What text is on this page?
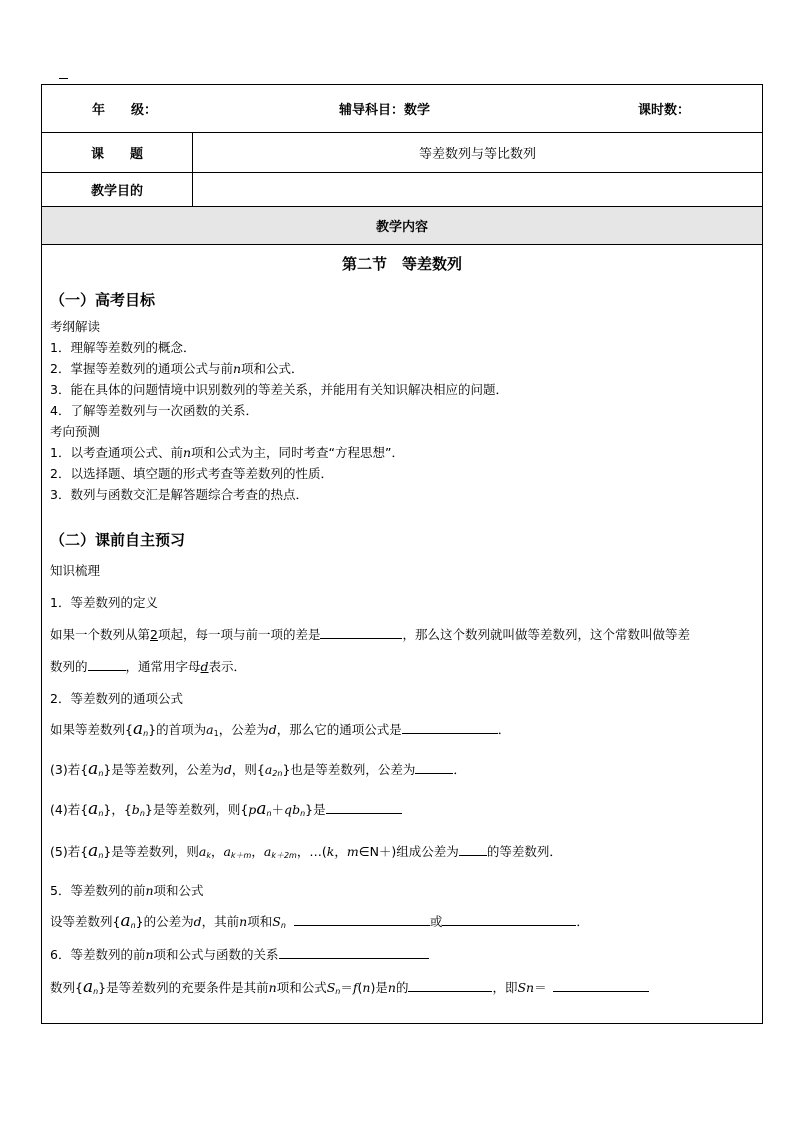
年　　级：	辅导科目：数学	课时数：
课　　题	等差数列与等比数列
教学目的
教学内容
第二节　等差数列
（一）高考目标
考纲解读
1．理解等差数列的概念．
2．掌握等差数列的通项公式与前n项和公式．
3．能在具体的问题情境中识别数列的等差关系，并能用有关知识解决相应的问题．
4．了解等差数列与一次函数的关系．
考向预测
1．以考查通项公式、前n项和公式为主，同时考查“方程思想”．
2．以选择题、填空题的形式考查等差数列的性质．
3．数列与函数交汇是解答题综合考查的热点．
（二）课前自主预习
知识梳理
1．等差数列的定义
如果一个数列从第2项起，每一项与前一项的差是	，那么这个数列就叫做等差数列，这个常数叫做等差
数列的	，通常用字母d表示．
2．等差数列的通项公式
如果等差数列$\{a_n\}$的首项为$a_1$，公差为d，那么它的通项公式是	．
(3)若$\{a_n\}$是等差数列，公差为d，则$\{a_{2n}\}$也是等差数列，公差为	．
(4)若$\{a_n\}$，$\{b_n\}$是等差数列，则$\{pa_n+qb_n\}$是
(5)若$\{a_n\}$是等差数列，则$a_k$，$a_{k+m}$，$a_{k+2m}$，…(k，m∈N＋)组成公差为 的等差数列．
5．等差数列的前n项和公式
设等差数列$\{a_n\}$的公差为d，其前n项和$S_n$	或	．
6．等差数列的前n项和公式与函数的关系
数列$\{a_n\}$是等差数列的充要条件是其前n项和公式$S_n=f(n)$是n的	，即Sn＝
